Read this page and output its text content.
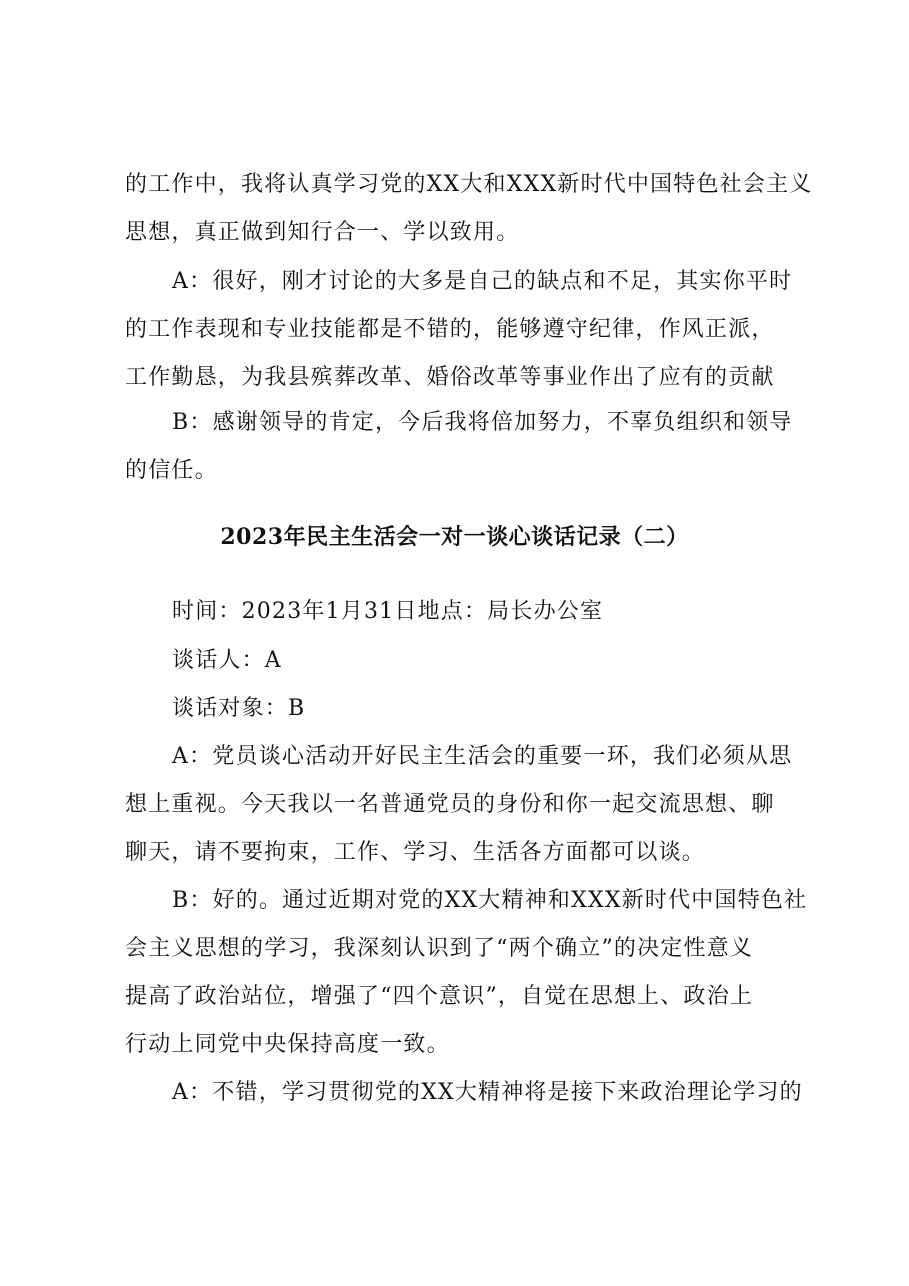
的工作中，我将认真学习党的XX大和XXX新时代中国特色社会主义
思想，真正做到知行合一、学以致用。
A：很好，刚才讨论的大多是自己的缺点和不足，其实你平时
的工作表现和专业技能都是不错的，能够遵守纪律，作风正派，
工作勤恳，为我县殡葬改革、婚俗改革等事业作出了应有的贡献
B：感谢领导的肯定，今后我将倍加努力，不辜负组织和领导
的信任。
2023年民主生活会一对一谈心谈话记录（二）
时间：2023年1月31日地点：局长办公室
谈话人：A
谈话对象：B
A：党员谈心活动开好民主生活会的重要一环，我们必须从思
想上重视。今天我以一名普通党员的身份和你一起交流思想、聊
聊天，请不要拘束，工作、学习、生活各方面都可以谈。
B：好的。通过近期对党的XX大精神和XXX新时代中国特色社
会主义思想的学习，我深刻认识到了“两个确立”的决定性意义
提高了政治站位，增强了“四个意识”，自觉在思想上、政治上
行动上同党中央保持高度一致。
A：不错，学习贯彻党的XX大精神将是接下来政治理论学习的
